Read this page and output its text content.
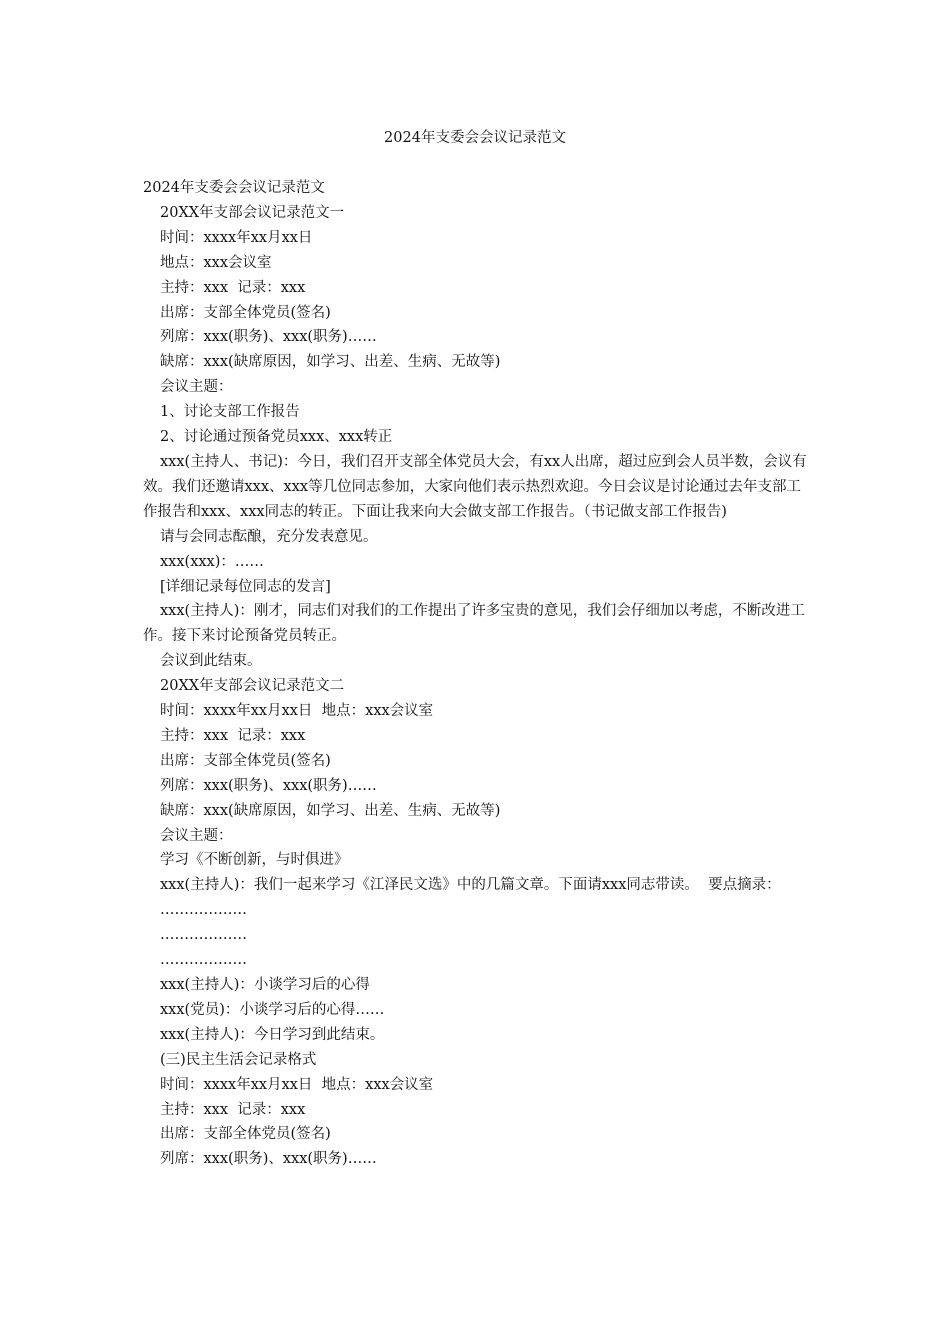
2024年支委会会议记录范文

2024年支委会会议记录范文

20XX年支部会议记录范文一

时间：xxxx年xx月xx日

地点：xxx会议室

主持：xxx  记录：xxx

出席：支部全体党员(签名)

列席：xxx(职务)、xxx(职务)……

缺席：xxx(缺席原因，如学习、出差、生病、无故等)

会议主题：

1、讨论支部工作报告

2、讨论通过预备党员xxx、xxx转正

xxx(主持人、书记)：今日，我们召开支部全体党员大会，有xx人出席，超过应到会人员半数，会议有效。我们还邀请xxx、xxx等几位同志参加，大家向他们表示热烈欢迎。今日会议是讨论通过去年支部工作报告和xxx、xxx同志的转正。下面让我来向大会做支部工作报告。（书记做支部工作报告)

请与会同志酝酿，充分发表意见。

xxx(xxx)：……

[详细记录每位同志的发言]

xxx(主持人)：刚才，同志们对我们的工作提出了许多宝贵的意见，我们会仔细加以考虑，不断改进工作。接下来讨论预备党员转正。

会议到此结束。

20XX年支部会议记录范文二

时间：xxxx年xx月xx日  地点：xxx会议室

主持：xxx  记录：xxx

出席：支部全体党员(签名)

列席：xxx(职务)、xxx(职务)……

缺席：xxx(缺席原因，如学习、出差、生病、无故等)

会议主题：

学习《不断创新，与时俱进》

xxx(主持人)：我们一起来学习《江泽民文选》中的几篇文章。下面请xxx同志带读。  要点摘录：

………………

………………

………………

xxx(主持人)：小谈学习后的心得

xxx(党员)：小谈学习后的心得……

xxx(主持人)：今日学习到此结束。

(三)民主生活会记录格式

时间：xxxx年xx月xx日  地点：xxx会议室

主持：xxx  记录：xxx

出席：支部全体党员(签名)

列席：xxx(职务)、xxx(职务)……
